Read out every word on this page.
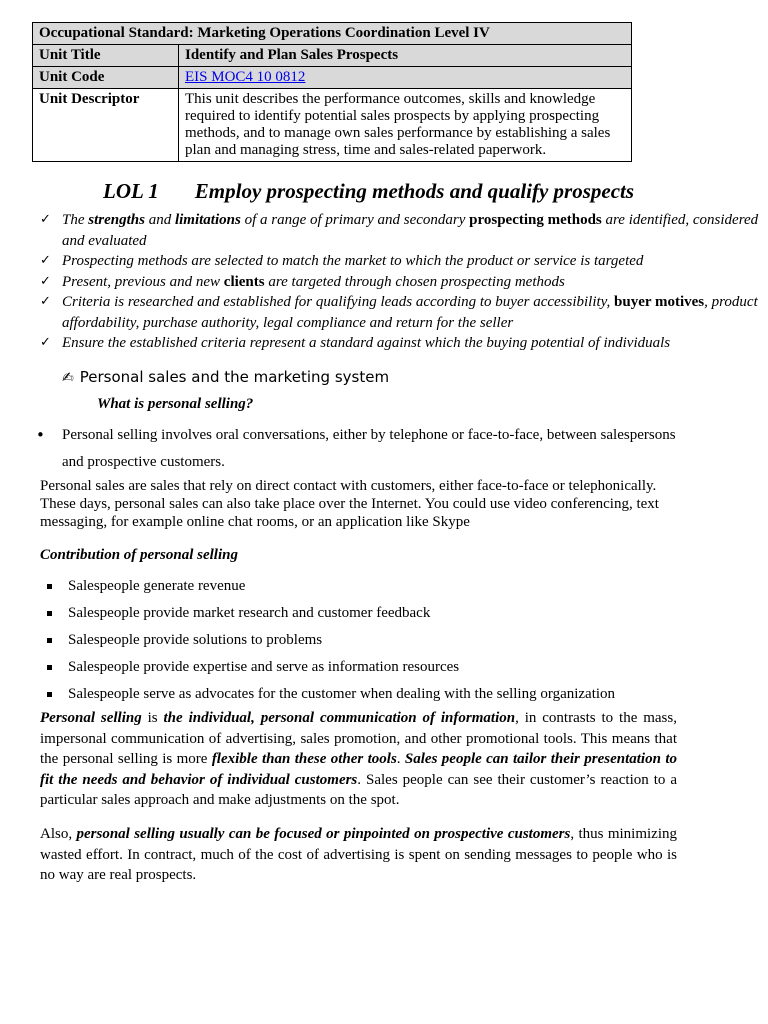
Occupational Standard: Marketing Operations Coordination Level IV	
Unit Title	Identify and Plan Sales Prospects
Unit Code	EIS MOC4 10 0812
Unit Descriptor	This unit describes the performance outcomes, skills and knowledge required to identify potential sales prospects by applying prospecting methods, and to manage own sales performance by establishing a sales plan and managing stress, time and sales-related paperwork.
LOL 1 Employ prospecting methods and qualify prospects
✓ The strengths and limitations of a range of primary and secondary prospecting methods are identified, considered and evaluated
✓ Prospecting methods are selected to match the market to which the product or service is targeted
✓ Present, previous and new clients are targeted through chosen prospecting methods
✓ Criteria is researched and established for qualifying leads according to buyer accessibility, buyer motives, product affordability, purchase authority, legal compliance and return for the seller
✓ Ensure the established criteria represent a standard against which the buying potential of individuals
✍ Personal sales and the marketing system
What is personal selling?
•	Personal selling involves oral conversations, either by telephone or face-to-face, between salespersons and prospective customers.
Personal sales are sales that rely on direct contact with customers, either face-to-face or telephonically. These days, personal sales can also take place over the Internet. You could use video conferencing, text messaging, for example online chat rooms, or an application like Skype
Contribution of personal selling
Salespeople generate revenue
Salespeople provide market research and customer feedback
Salespeople provide solutions to problems
Salespeople provide expertise and serve as information resources
Salespeople serve as advocates for the customer when dealing with the selling organization
Personal selling is the individual, personal communication of information, in contrasts to the mass, impersonal communication of advertising, sales promotion, and other promotional tools. This means that the personal selling is more flexible than these other tools. Sales people can tailor their presentation to fit the needs and behavior of individual customers. Sales people can see their customer’s reaction to a particular sales approach and make adjustments on the spot.
Also, personal selling usually can be focused or pinpointed on prospective customers, thus minimizing wasted effort. In contract, much of the cost of advertising is spent on sending messages to people who is no way are real prospects.
